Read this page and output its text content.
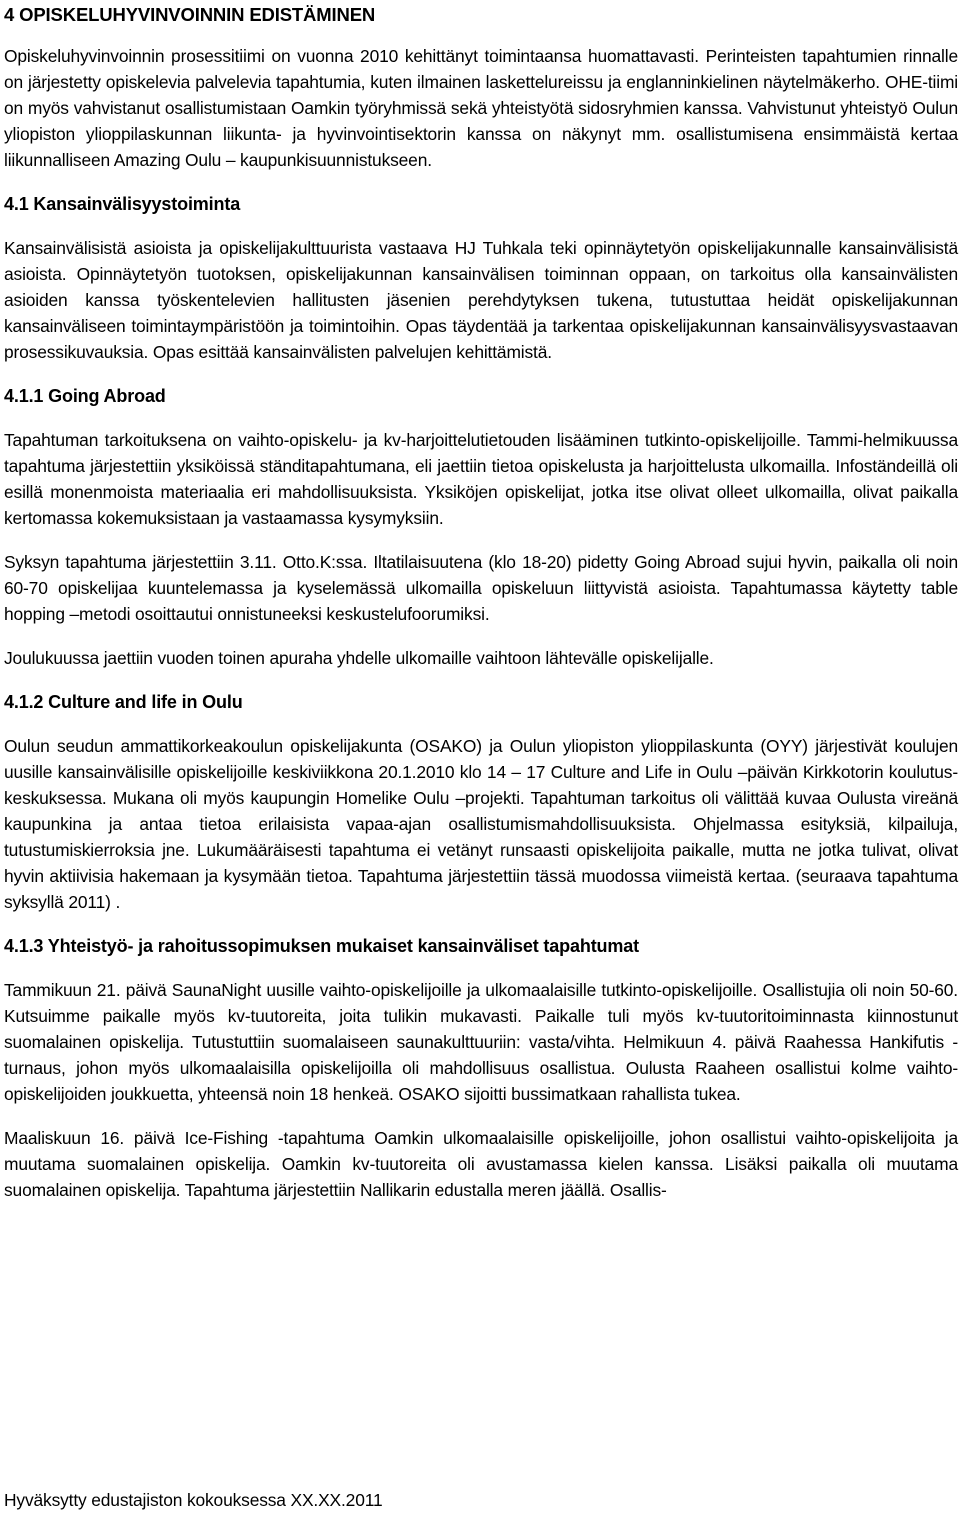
4 OPISKELUHYVINVOINNIN EDISTÄMINEN

Opiskeluhyvinvoinnin prosessitiimi on vuonna 2010 kehittänyt toimintaansa huomattavasti. Perinteisten tapahtumien rinnalle on järjestetty opiskelevia palvelevia tapahtumia, kuten ilmainen laskettelureissu ja englanninkielinen näytelmäkerho. OHE-tiimi on myös vahvistanut osallistumistaan Oamkin työryhmissä sekä yhteistyötä sidosryhmien kanssa. Vahvistunut yhteistyö Oulun yliopiston ylioppilaskunnan liikunta- ja hyvinvointisektorin kanssa on näkynyt mm. osallistumisena ensimmäistä kertaa liikunnalliseen Amazing Oulu – kaupunkisuunnistukseen.

4.1 Kansainvälisyystoiminta

Kansainvälisistä asioista ja opiskelijakulttuurista vastaava HJ Tuhkala teki opinnäytetyön opiskelijakunnalle kansainvälisistä asioista. Opinnäytetyön tuotoksen, opiskelijakunnan kansainvälisen toiminnan oppaan, on tarkoitus olla kansainvälisten asioiden kanssa työskentelevien hallitusten jäsenien perehdytyksen tukena, tutustuttaa heidät opiskelijakunnan kansainväliseen toimintaympäristöön ja toimintoihin. Opas täydentää ja tarkentaa opiskelijakunnan kansainvälisyysvastaavan prosessikuvauksia. Opas esittää kansainvälisten palvelujen kehittämistä.

4.1.1 Going Abroad

Tapahtuman tarkoituksena on vaihto-opiskelu- ja kv-harjoittelutietouden lisääminen tutkinto-opiskelijoille. Tammi-helmikuussa tapahtuma järjestettiin yksiköissä ständitapahtumana, eli jaettiin tietoa opiskelusta ja harjoittelusta ulkomailla. Infoständeillä oli esillä monenmoista materiaalia eri mahdollisuuksista. Yksiköjen opiskelijat, jotka itse olivat olleet ulkomailla, olivat paikalla kertomassa kokemuksistaan ja vastaamassa kysymyksiin.

Syksyn tapahtuma järjestettiin 3.11. Otto.K:ssa. Iltatilaisuutena (klo 18-20) pidetty Going Abroad sujui hyvin, paikalla oli noin 60-70 opiskelijaa kuuntelemassa ja kyselemässä ulkomailla opiskeluun liittyvistä asioista. Tapahtumassa käytetty table hopping –metodi osoittautui onnistuneeksi keskustelufoorumiksi.

Joulukuussa jaettiin vuoden toinen apuraha yhdelle ulkomaille vaihtoon lähtevälle opiskelijalle.

4.1.2 Culture and life in Oulu

Oulun seudun ammattikorkeakoulun opiskelijakunta (OSAKO) ja Oulun yliopiston ylioppilaskunta (OYY) järjestivät koulujen uusille kansainvälisille opiskelijoille keskiviikkona 20.1.2010 klo 14 – 17 Culture and Life in Oulu –päivän Kirkkotorin koulutus-keskuksessa. Mukana oli myös kaupungin Homelike Oulu –projekti. Tapahtuman tarkoitus oli välittää kuvaa Oulusta vireänä kaupunkina ja antaa tietoa erilaisista vapaa-ajan osallistumismahdollisuuksista. Ohjelmassa esityksiä, kilpailuja, tutustumiskierroksia jne. Lukumääräisesti tapahtuma ei vetänyt runsaasti opiskelijoita paikalle, mutta ne jotka tulivat, olivat hyvin aktiivisia hakemaan ja kysymään tietoa. Tapahtuma järjestettiin tässä muodossa viimeistä kertaa. (seuraava tapahtuma syksyllä 2011) .

4.1.3 Yhteistyö- ja rahoitussopimuksen mukaiset kansainväliset tapahtumat

Tammikuun 21. päivä SaunaNight uusille vaihto-opiskelijoille ja ulkomaalaisille tutkinto-opiskelijoille. Osallistujia oli noin 50-60. Kutsuimme paikalle myös kv-tuutoreita, joita tulikin mukavasti. Paikalle tuli myös kv-tuutoritoiminnasta kiinnostunut suomalainen opiskelija. Tutustuttiin suomalaiseen saunakulttuuriin: vasta/vihta. Helmikuun 4. päivä Raahessa Hankifutis -turnaus, johon myös ulkomaalaisilla opiskelijoilla oli mahdollisuus osallistua. Oulusta Raaheen osallistui kolme vaihto-opiskelijoiden joukkuetta, yhteensä noin 18 henkeä. OSAKO sijoitti bussimatkaan rahallista tukea.

Maaliskuun 16. päivä Ice-Fishing -tapahtuma Oamkin ulkomaalaisille opiskelijoille, johon osallistui vaihto-opiskelijoita ja muutama suomalainen opiskelija. Oamkin kv-tuutoreita oli avustamassa kielen kanssa. Lisäksi paikalla oli muutama suomalainen opiskelija. Tapahtuma järjestettiin Nallikarin edustalla meren jäällä. Osallis-

Hyväksytty edustajiston kokouksessa XX.XX.2011
